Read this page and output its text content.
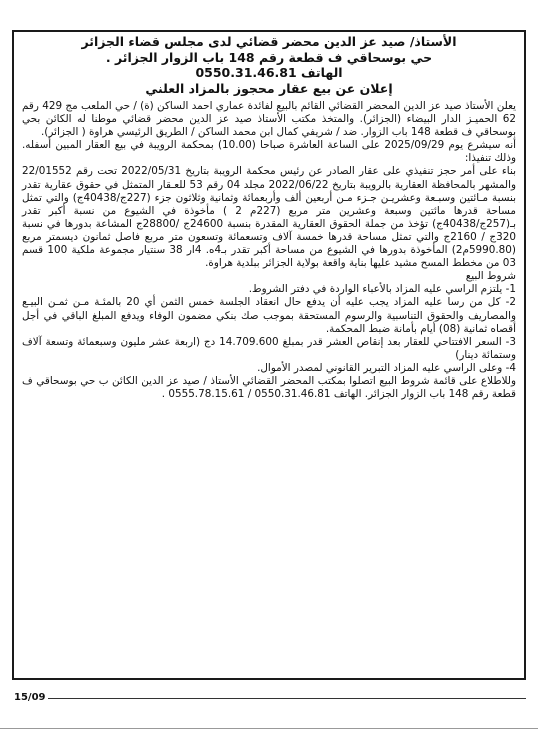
الأستاذ/ صيد عز الدين محضر قضائي لدى مجلس قضاء الجزائر
حي بوسحاقي ف قطعة رقم 148 باب الزوار الجزائر .
الهاتف 0550.31.46.81
إعلان عن بيع عقار محجوز بالمزاد العلني

يعلن الأستاذ صيد عز الدين المحضر القضائي القائم بالبيع لفائدة عماري احمد الساكن (ة) / حي الملعب مج 429 رقم 62 الحميـز الدار البيضاء (الجزائر). والمتخذ مكتب الأستاذ صيد عز الدين محضر قضائي موطنا له الكائن بحي بوسحاقي ف قطعة 148 باب الزوار. ضد / شريفي كمال ابن محمد الساكن / الطريق الرئيسي هراوة ( الجزائر).

أنه سيشرع يوم 2025/09/29 على الساعة العاشرة صباحا (10.00) بمحكمة الرويبة في بيع العقار المبين أسفله. وذلك تنفيذا:

بناء على أمر حجز تنفيذي على عقار الصادر عن رئيس محكمة الرويبة بتاريخ 2022/05/31 تحت رقم 22/01552 والمشهر بالمحافظة العقارية بالرويبة بتاريخ 2022/06/22 مجلد 04 رقم 53 للعـقار المتمثل في حقوق عقارية تقدر بنسبة مـائتين وسبـعة وعشريـن جـزء مـن أربعين ألف وأربعمائة وثمانية وثلاثون جزء (227ج/40438ج) والتي تمثل مساحة قدرها مائتين وسبعة وعشرين متر مربع (227م 2 ) مأخوذة في الشيوع من نسبة أكبر تقدر بـ(257ج/40438ج) تؤخذ من جملة الحقوق العقارية المقدرة بنسبة 24600ج /28800ج المشاعة بدورها في نسبة 320ج / 2160ج والتي تمثل مساحة قدرها خمسة آلاف وتسعمائة وتسعون متر مربع فاصل ثمانون ديسمتر مربع (5990.80م2) المأخوذة بدورها في الشيوع من مساحة أكبر تقدر بـ4ه. 4ار 38 سنتيار مجموعة ملكية 100 قسم 03 من مخطط المسح مشيد عليها بناية واقعة بولاية الجزائر ببلدية هراوة.

شروط البيع

1- يلتزم الراسي عليه المزاد بالأعباء الواردة في دفتر الشروط.

2- كل من رسا عليه المزاد يجب عليه أن يدفع حال انعقاد الجلسة خمس الثمن أي 20 بالمئـة مـن ثمـن البيـع والمصاريف والحقوق التناسبية والرسوم المستحقة بموجب صك بنكي مضمون الوفاء ويدفع المبلغ الباقي في أجل أقصاه ثمانية (08) أيام بأمانة ضبط المحكمة.

3- السعر الافتتاحي للعقار بعد إنقاص العشر قدر بمبلغ 14.709.600 دج (اربعة عشر مليون وسبعمائة وتسعة آلاف وستمائة دينار)

4- وعلى الراسي عليه المزاد التبرير القانوني لمصدر الأموال.

وللاطلاع على قائمة شروط البيع اتصلوا بمكتب المحضر القضائي الأستاذ / صيد عز الدين الكائن ب حي بوسحاقي ف قطعة رقم 148 باب الزوار الجزائر. الهاتف 0550.31.46.81 / 0555.78.15.61 .

15/09
